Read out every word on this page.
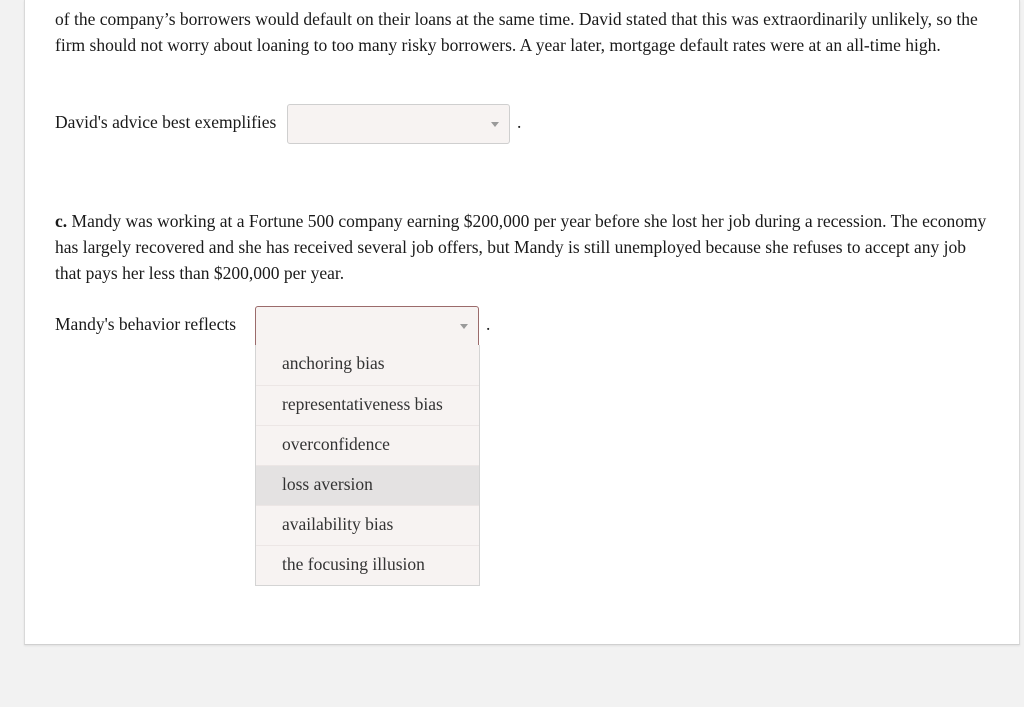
of the company’s borrowers would default on their loans at the same time. David stated that this was extraordinarily unlikely, so the firm should not worry about loaning to too many risky borrowers. A year later, mortgage default rates were at an all-time high.

David's advice best exemplifies	.

c. Mandy was working at a Fortune 500 company earning $200,000 per year before she lost her job during a recession. The economy has largely recovered and she has received several job offers, but Mandy is still unemployed because she refuses to accept any job that pays her less than $200,000 per year.

Mandy's behavior reflects	.
anchoring bias
representativeness bias
overconfidence
loss aversion
availability bias
the focusing illusion
